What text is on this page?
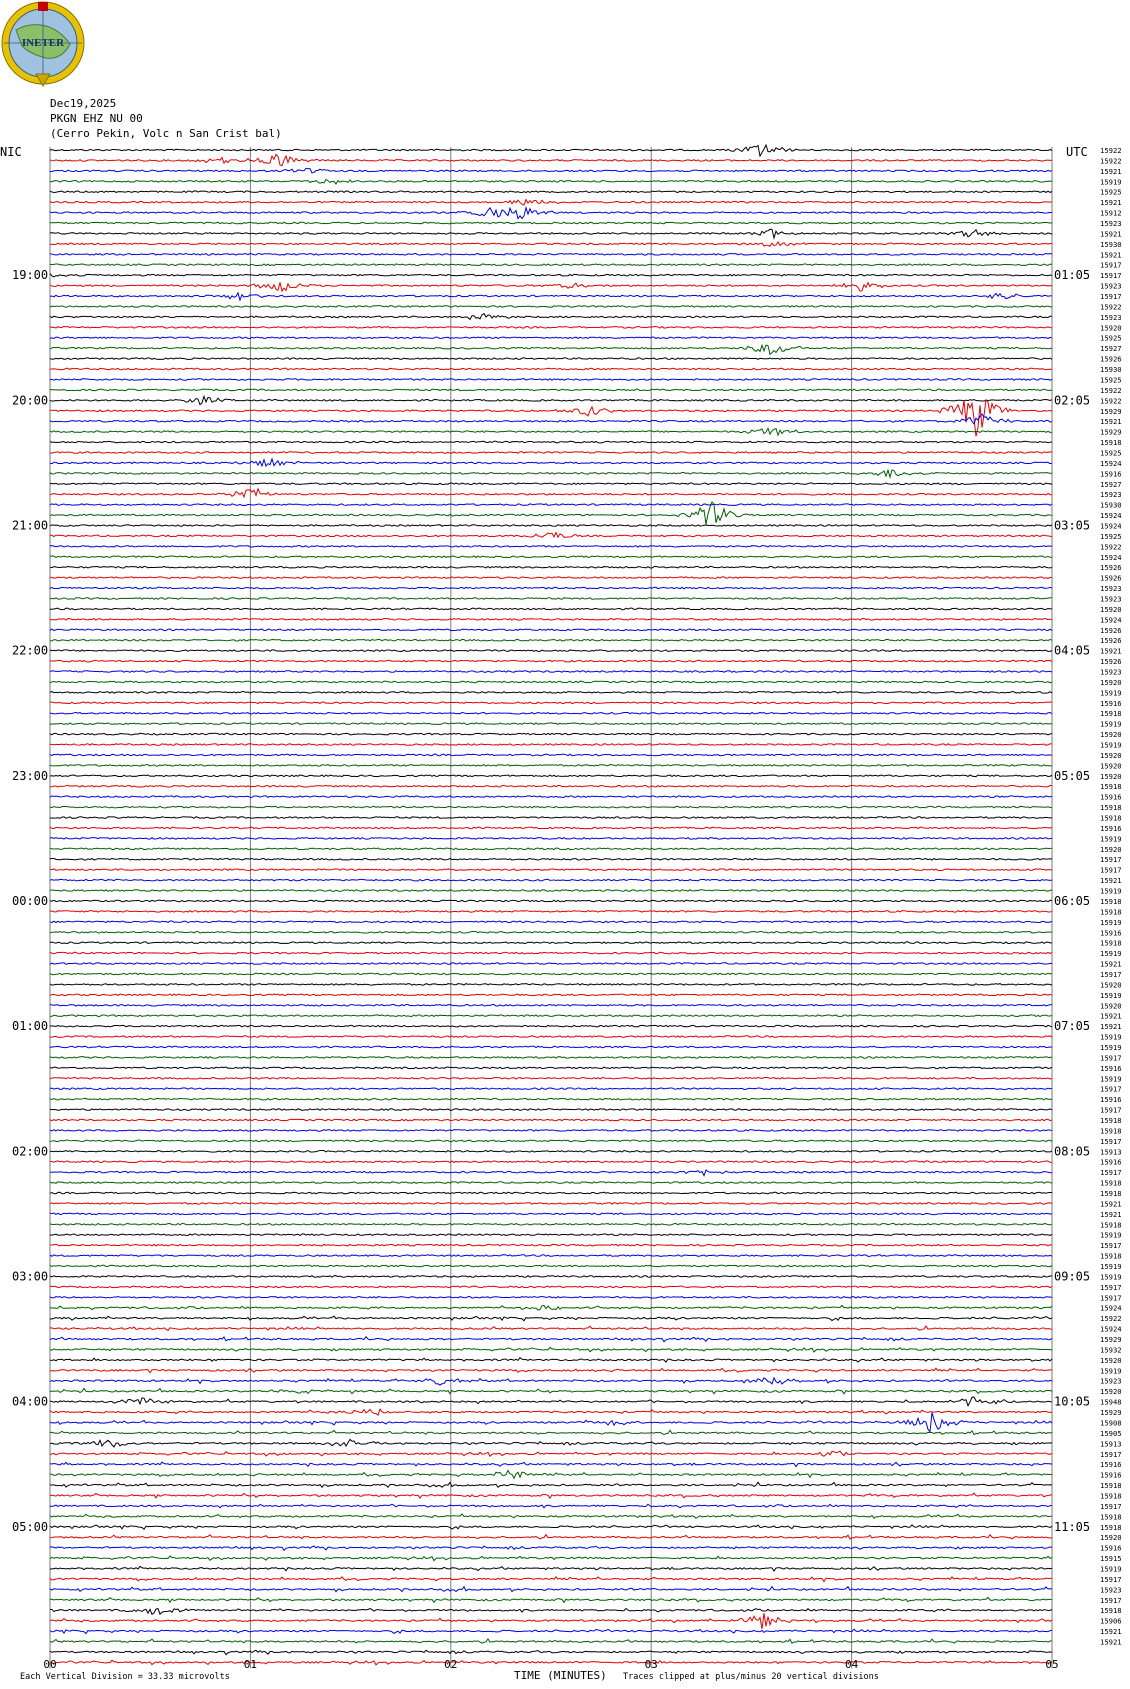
INETER
Dec19,2025
PKGN EHZ NU 00
(Cerro Pekin, Volc n San Crist bal)
NIC	UTC
TIME (MINUTES)
Each Vertical Division = 33.33 microvolts	Traces clipped at plus/minus 20 vertical divisions
00	01	02	03	04	05
15922
15922
15921
15919
15925
15921
15912
15923
15921
15930
15921
15917
15917
15923
15917
15922
15923
15920
15925
15927
15926
15930
15925
15922
15922
15929
15921
15929
15918
15925
15924
15916
15927
15923
15930
15924
15924
15925
15922
15924
15926
15926
15923
15923
15920
15924
15926
15926
15921
15926
15923
15920
15919
15916
15918
15919
15920
15919
15920
15920
15920
15918
15916
15918
15918
15916
15919
15920
15917
15917
15921
15919
15918
15918
15919
15916
15918
15919
15921
15917
15920
15919
15920
15921
15921
15919
15919
15917
15916
15919
15917
15916
15917
15918
15918
15917
15913
15916
15917
15918
15918
15921
15921
15918
15919
15917
15918
15919
15919
15917
15917
15924
15922
15924
15929
15932
15920
15919
15923
15920
15948
15929
15908
15905
15913
15917
15916
15916
15918
15918
15917
15918
15918
15920
15916
15915
15919
15917
15923
15917
15918
15906
15921
15921
19:00	01:05
20:00	02:05
21:00	03:05
22:00	04:05
23:00	05:05
00:00	06:05
01:00	07:05
02:00	08:05
03:00	09:05
04:00	10:05
05:00	11:05
